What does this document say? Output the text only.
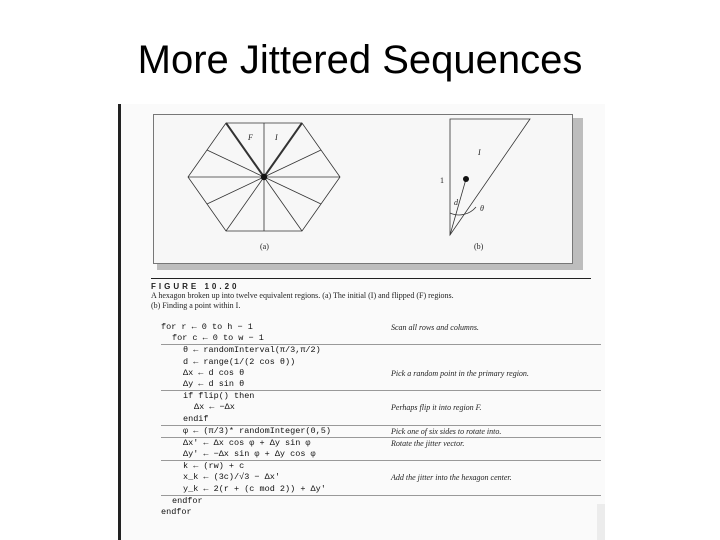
More Jittered Sequences
F	I
(a)
I
1
d
θ
(b)
FIGURE 10.20
A hexagon broken up into twelve equivalent regions. (a) The initial (I) and flipped (F) regions.
(b) Finding a point within I.
for r ← 0 to h − 1	Scan all rows and columns.
for c ← 0 to w − 1
θ ← randomInterval(π/3,π/2)
d ← range(1/(2 cos θ))
Δx ← d cos θ	Pick a random point in the primary region.
Δy ← d sin θ
if flip() then
Δx ← −Δx	Perhaps flip it into region F.
endif
φ ← (π/3)* randomInteger(0,5)	Pick one of six sides to rotate into.
Δx′ ← Δx cos φ + Δy sin φ	Rotate the jitter vector.
Δy′ ← −Δx sin φ + Δy cos φ
k ← (rw) + c
x_k ← (3c)/√3 − Δx′	Add the jitter into the hexagon center.
y_k ← 2(r + (c mod 2)) + Δy′
endfor
endfor
